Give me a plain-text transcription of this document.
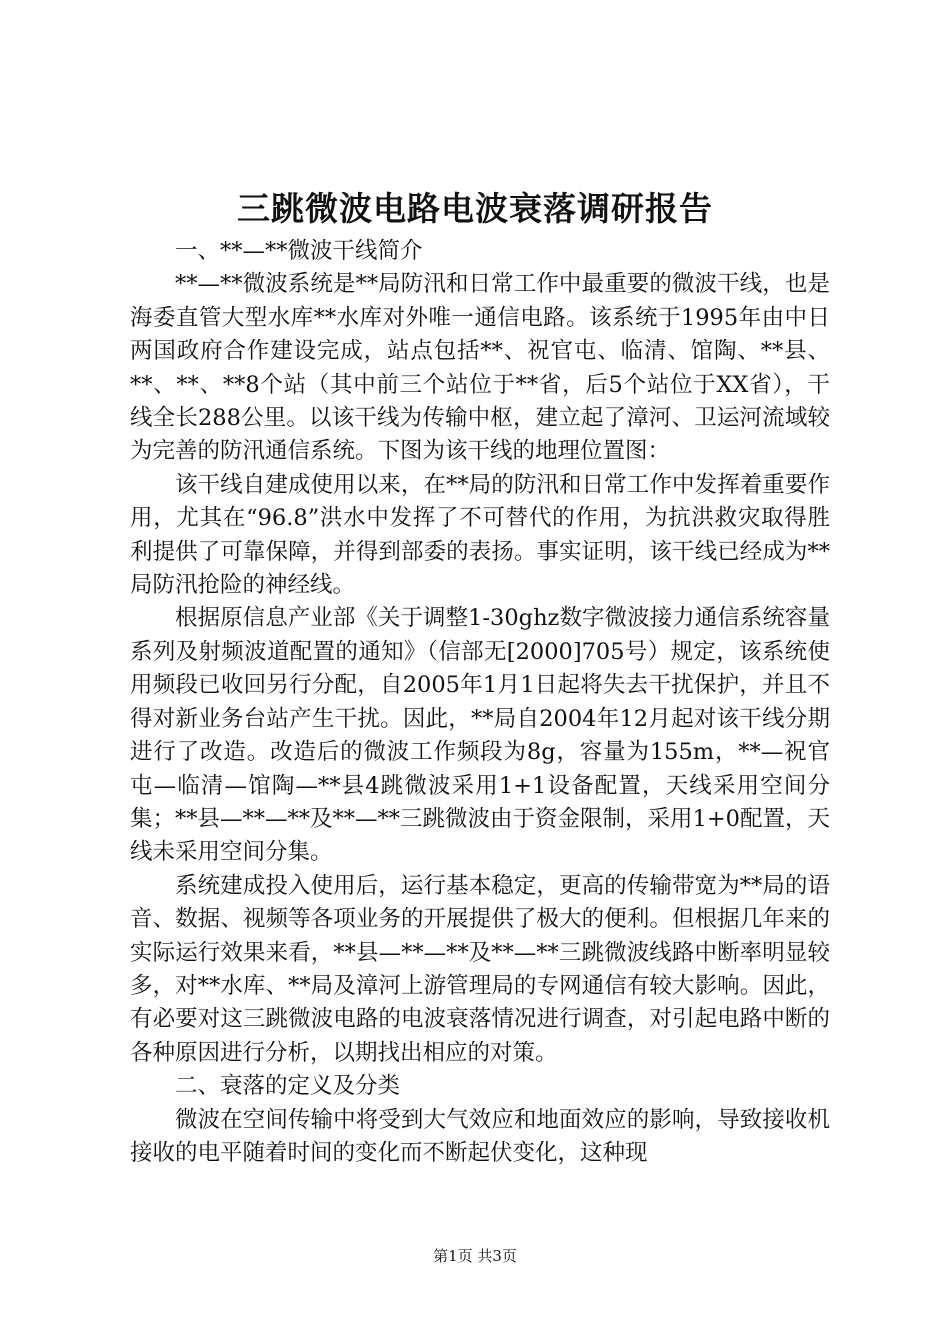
三跳微波电路电波衰落调研报告

一、**—**微波干线简介

**—**微波系统是**局防汛和日常工作中最重要的微波干线，也是海委直管大型水库**水库对外唯一通信电路。该系统于1995年由中日两国政府合作建设完成，站点包括**、祝官屯、临清、馆陶、**县、**、**、**8个站（其中前三个站位于**省，后5个站位于XX省），干线全长288公里。以该干线为传输中枢，建立起了漳河、卫运河流域较为完善的防汛通信系统。下图为该干线的地理位置图：

该干线自建成使用以来，在**局的防汛和日常工作中发挥着重要作用，尤其在“96.8”洪水中发挥了不可替代的作用，为抗洪救灾取得胜利提供了可靠保障，并得到部委的表扬。事实证明，该干线已经成为**局防汛抢险的神经线。

根据原信息产业部《关于调整1-30ghz数字微波接力通信系统容量系列及射频波道配置的通知》（信部无[2000]705号）规定，该系统使用频段已收回另行分配，自2005年1月1日起将失去干扰保护，并且不得对新业务台站产生干扰。因此，**局自2004年12月起对该干线分期进行了改造。改造后的微波工作频段为8g，容量为155m，**—祝官屯—临清—馆陶—**县4跳微波采用1+1设备配置，天线采用空间分集；**县—**—**及**—**三跳微波由于资金限制，采用1+0配置，天线未采用空间分集。

系统建成投入使用后，运行基本稳定，更高的传输带宽为**局的语音、数据、视频等各项业务的开展提供了极大的便利。但根据几年来的实际运行效果来看，**县—**—**及**—**三跳微波线路中断率明显较多，对**水库、**局及漳河上游管理局的专网通信有较大影响。因此，有必要对这三跳微波电路的电波衰落情况进行调查，对引起电路中断的各种原因进行分析，以期找出相应的对策。

二、衰落的定义及分类

微波在空间传输中将受到大气效应和地面效应的影响，导致接收机接收的电平随着时间的变化而不断起伏变化，这种现

第1页 共3页
